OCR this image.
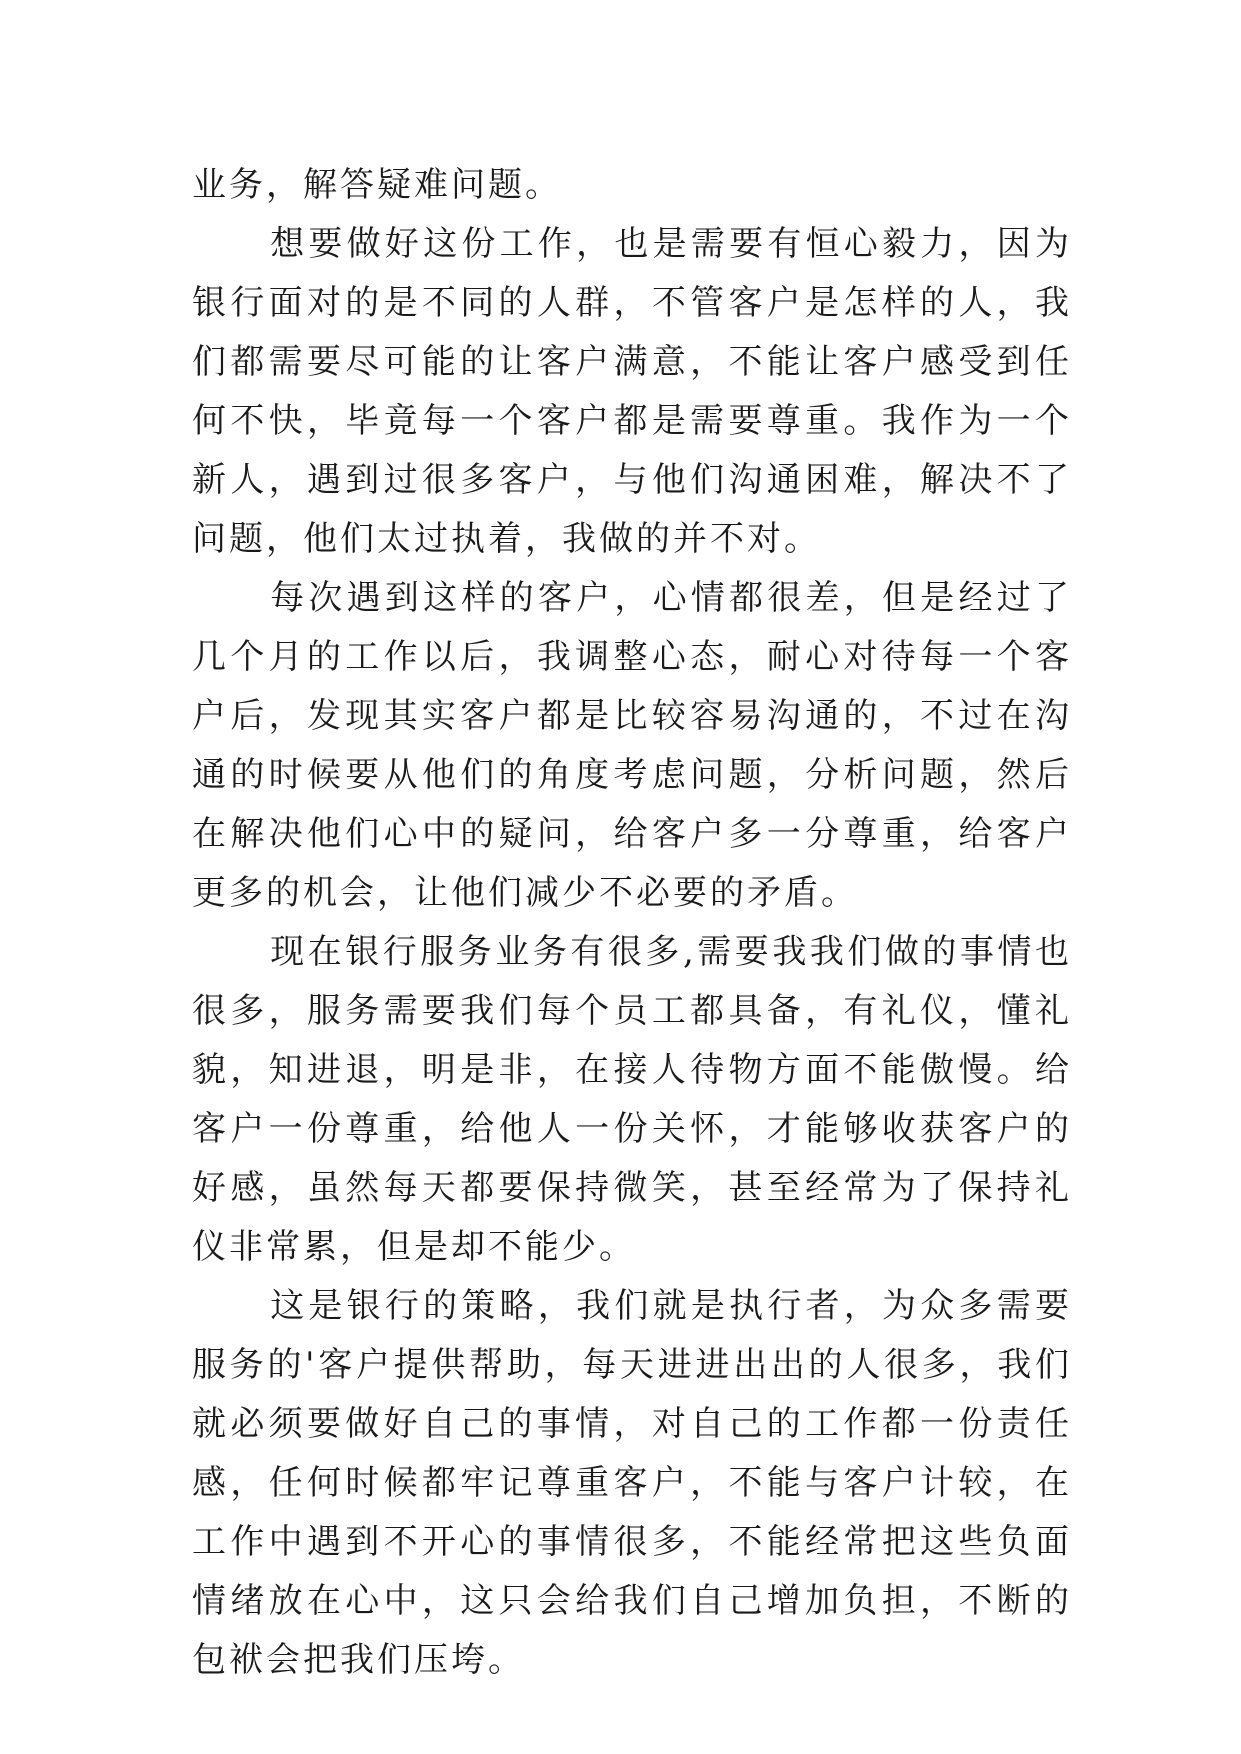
业务，解答疑难问题。

想要做好这份工作，也是需要有恒心毅力，因为银行面对的是不同的人群，不管客户是怎样的人，我们都需要尽可能的让客户满意，不能让客户感受到任何不快，毕竟每一个客户都是需要尊重。我作为一个新人，遇到过很多客户，与他们沟通困难，解决不了问题，他们太过执着，我做的并不对。

每次遇到这样的客户，心情都很差，但是经过了几个月的工作以后，我调整心态，耐心对待每一个客户后，发现其实客户都是比较容易沟通的，不过在沟通的时候要从他们的角度考虑问题，分析问题，然后在解决他们心中的疑问，给客户多一分尊重，给客户更多的机会，让他们减少不必要的矛盾。

现在银行服务业务有很多,需要我我们做的事情也很多，服务需要我们每个员工都具备，有礼仪，懂礼貌，知进退，明是非，在接人待物方面不能傲慢。给客户一份尊重，给他人一份关怀，才能够收获客户的好感，虽然每天都要保持微笑，甚至经常为了保持礼仪非常累，但是却不能少。

这是银行的策略，我们就是执行者，为众多需要服务的'客户提供帮助，每天进进出出的人很多，我们就必须要做好自己的事情，对自己的工作都一份责任感，任何时候都牢记尊重客户，不能与客户计较，在工作中遇到不开心的事情很多，不能经常把这些负面情绪放在心中，这只会给我们自己增加负担，不断的包袱会把我们压垮。
